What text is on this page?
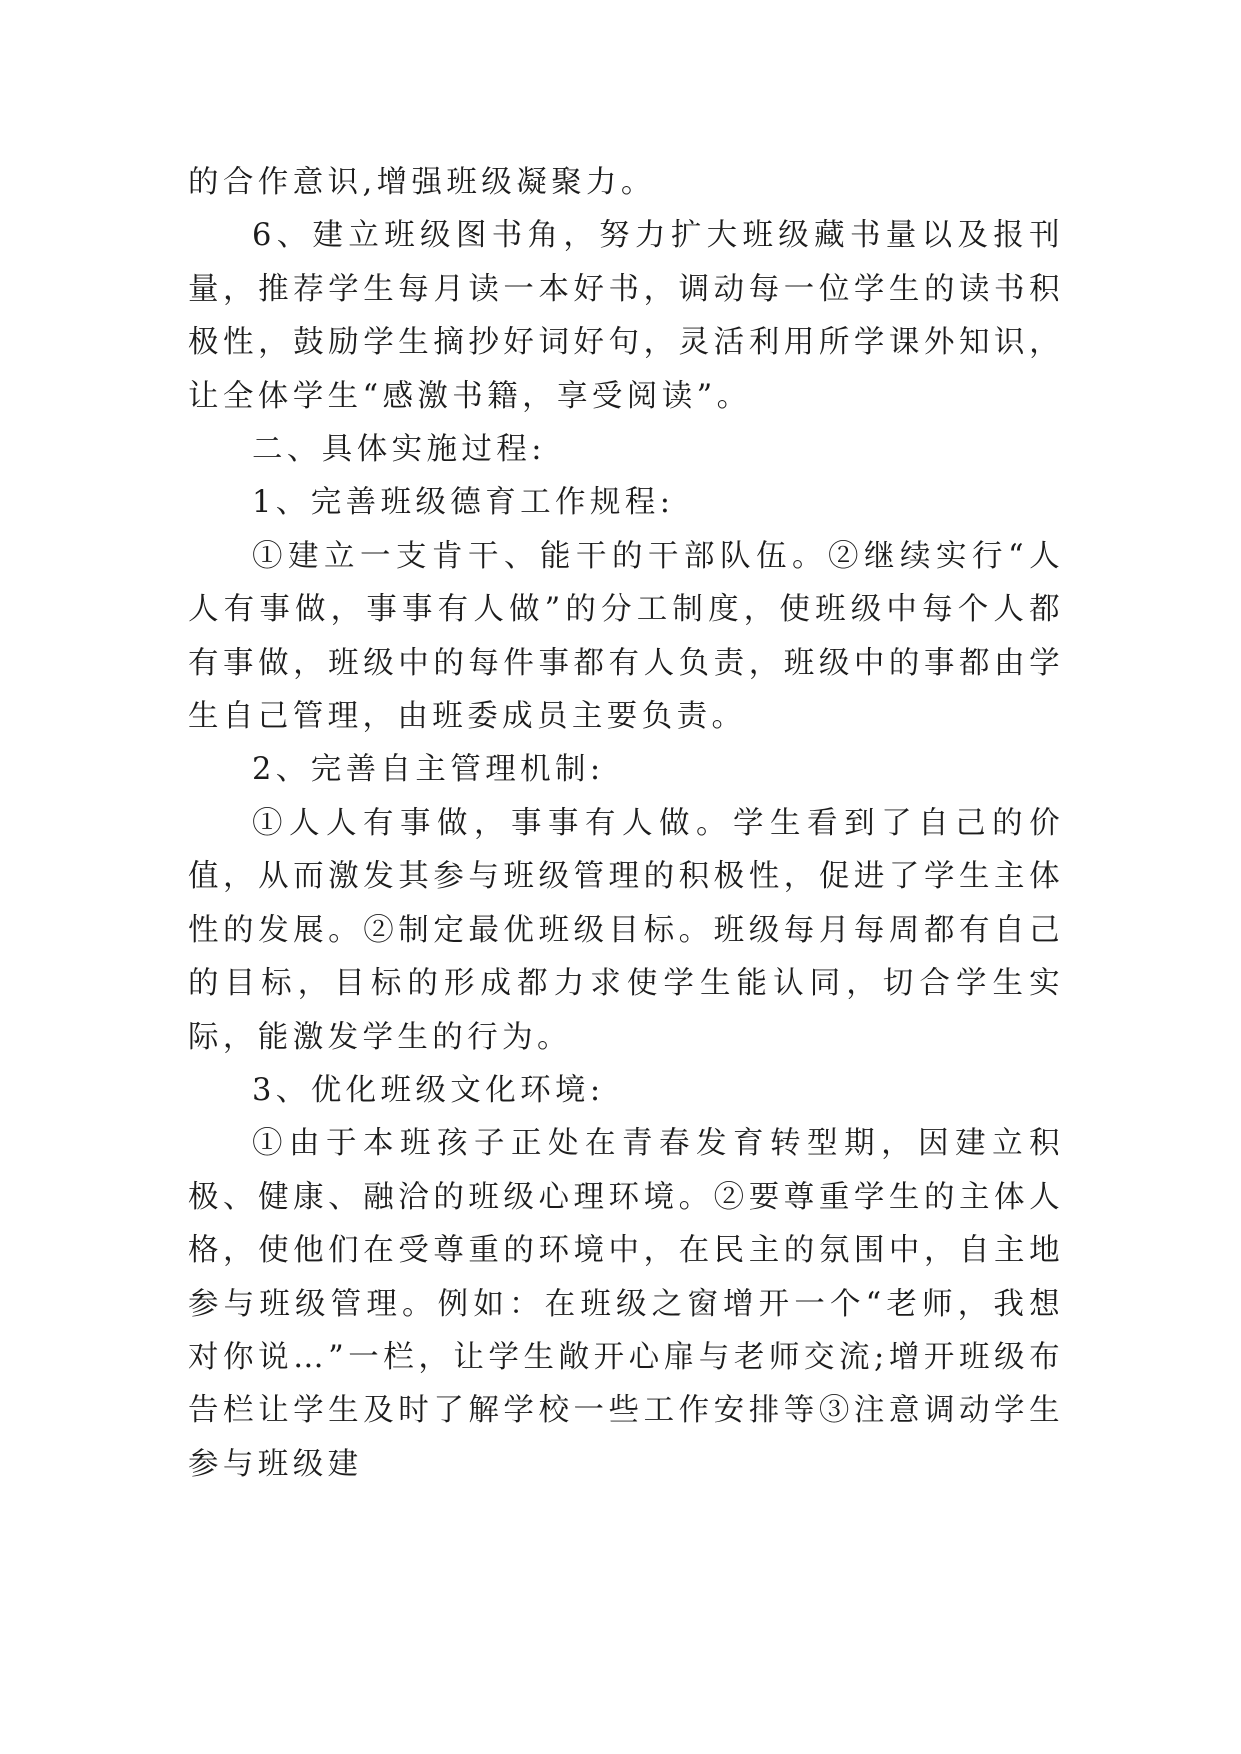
的合作意识,增强班级凝聚力。

6、建立班级图书角，努力扩大班级藏书量以及报刊量，推荐学生每月读一本好书，调动每一位学生的读书积极性，鼓励学生摘抄好词好句，灵活利用所学课外知识，让全体学生“感激书籍，享受阅读”。

二、具体实施过程:

1、完善班级德育工作规程:

①建立一支肯干、能干的干部队伍。②继续实行“人人有事做，事事有人做”的分工制度，使班级中每个人都有事做，班级中的每件事都有人负责，班级中的事都由学生自己管理，由班委成员主要负责。

2、完善自主管理机制:

①人人有事做，事事有人做。学生看到了自己的价值，从而激发其参与班级管理的积极性，促进了学生主体性的发展。②制定最优班级目标。班级每月每周都有自己的目标，目标的形成都力求使学生能认同，切合学生实际，能激发学生的行为。

3、优化班级文化环境:

①由于本班孩子正处在青春发育转型期，因建立积极、健康、融洽的班级心理环境。②要尊重学生的主体人格，使他们在受尊重的环境中，在民主的氛围中，自主地参与班级管理。例如：在班级之窗增开一个“老师，我想对你说…”一栏，让学生敞开心扉与老师交流;增开班级布告栏让学生及时了解学校一些工作安排等③注意调动学生参与班级建
